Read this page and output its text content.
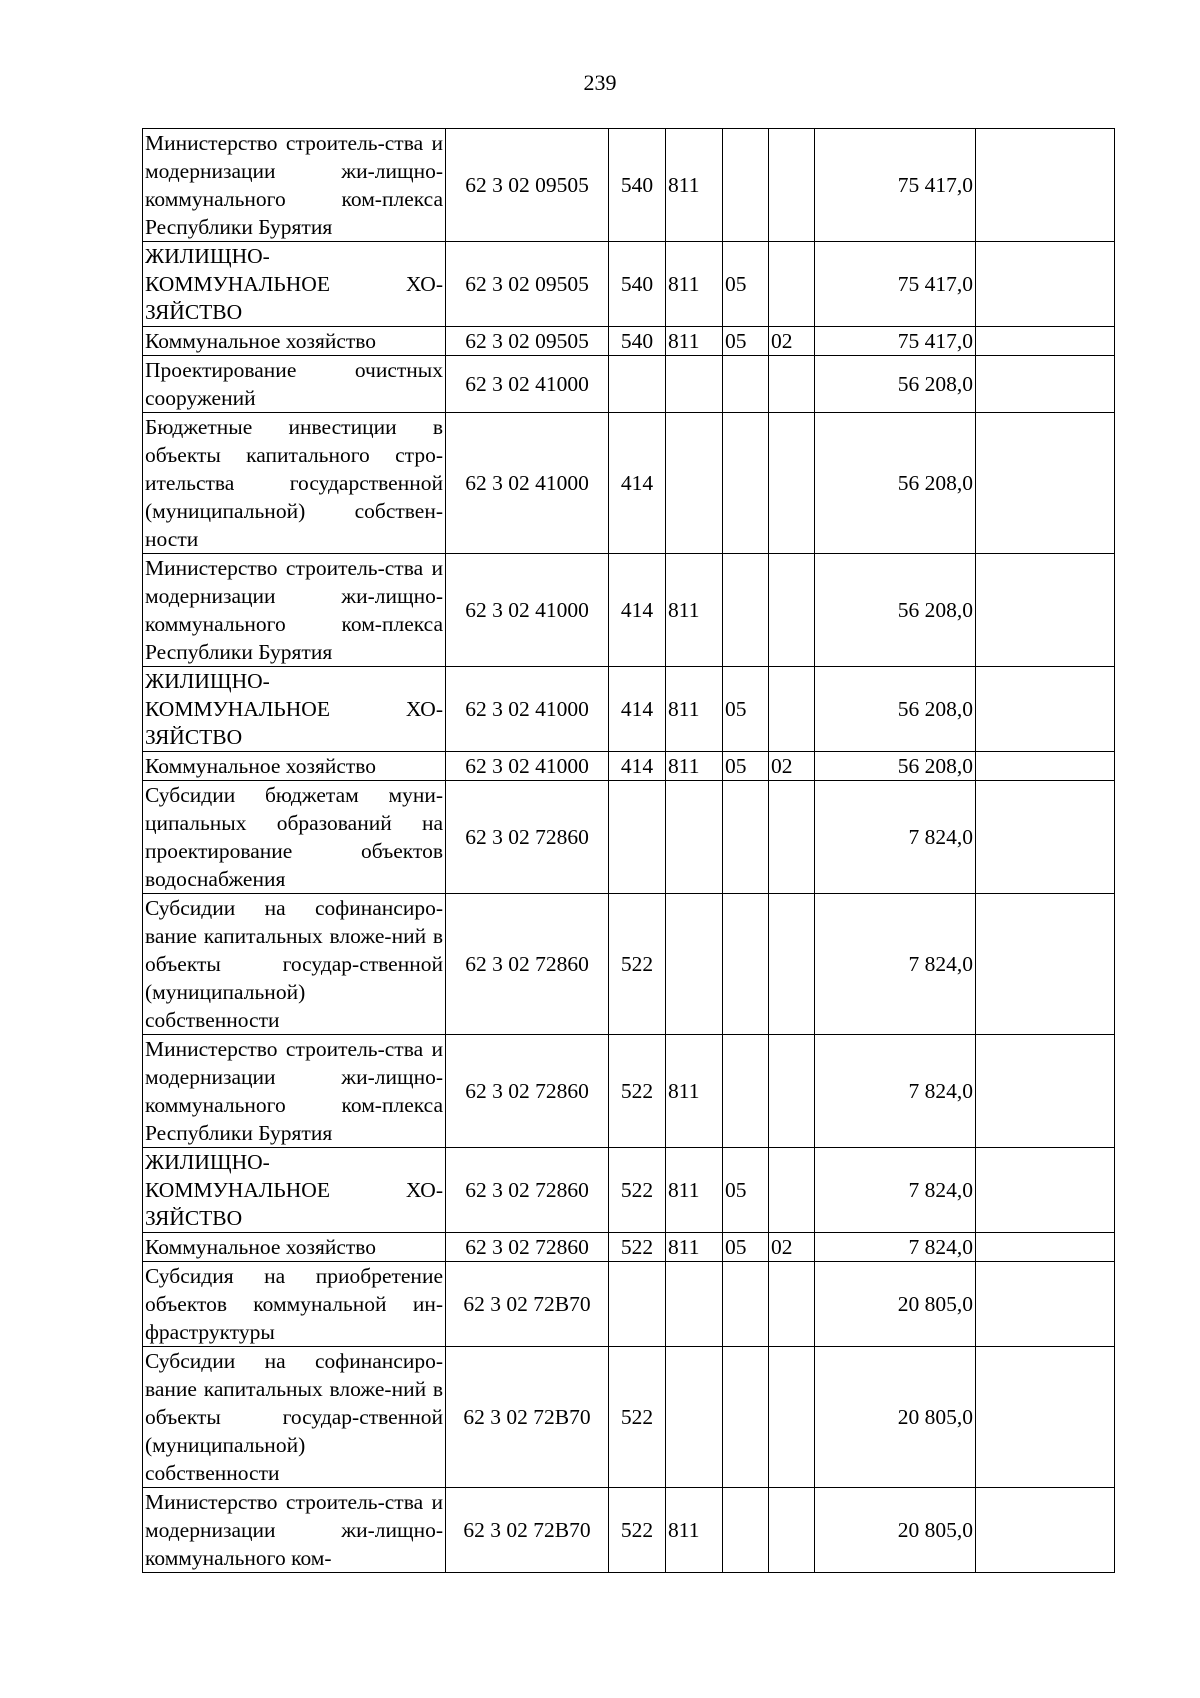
239
Министерство строитель-ства и модернизации жи-лищно-коммунального ком-плекса Республики Бурятия	62 3 02 09505	540	811			75 417,0	

ЖИЛИЩНО-КОММУНАЛЬНОЕ ХО-ЗЯЙСТВО	62 3 02 09505	540	811	05		75 417,0	

Коммунальное хозяйство	62 3 02 09505	540	811	05	02	75 417,0	

Проектирование очистных сооружений	62 3 02 41000					56 208,0	

Бюджетные инвестиции в объекты капитального стро-ительства государственной (муниципальной) собствен-ности	62 3 02 41000	414				56 208,0	

Министерство строитель-ства и модернизации жи-лищно-коммунального ком-плекса Республики Бурятия	62 3 02 41000	414	811			56 208,0	

ЖИЛИЩНО-КОММУНАЛЬНОЕ ХО-ЗЯЙСТВО	62 3 02 41000	414	811	05		56 208,0	

Коммунальное хозяйство	62 3 02 41000	414	811	05	02	56 208,0	

Субсидии бюджетам муни-ципальных образований на проектирование объектов водоснабжения	62 3 02 72860					7 824,0	

Субсидии на софинансиро-вание капитальных вложе-ний в объекты государ-ственной (муниципальной) собственности	62 3 02 72860	522				7 824,0	

Министерство строитель-ства и модернизации жи-лищно-коммунального ком-плекса Республики Бурятия	62 3 02 72860	522	811			7 824,0	

ЖИЛИЩНО-КОММУНАЛЬНОЕ ХО-ЗЯЙСТВО	62 3 02 72860	522	811	05		7 824,0	

Коммунальное хозяйство	62 3 02 72860	522	811	05	02	7 824,0	

Субсидия на приобретение объектов коммунальной ин-фраструктуры	62 3 02 72В70					20 805,0	

Субсидии на софинансиро-вание капитальных вложе-ний в объекты государ-ственной (муниципальной) собственности	62 3 02 72В70	522				20 805,0	

Министерство строитель-ства и модернизации жи-лищно-коммунального ком-	62 3 02 72В70	522	811			20 805,0	
